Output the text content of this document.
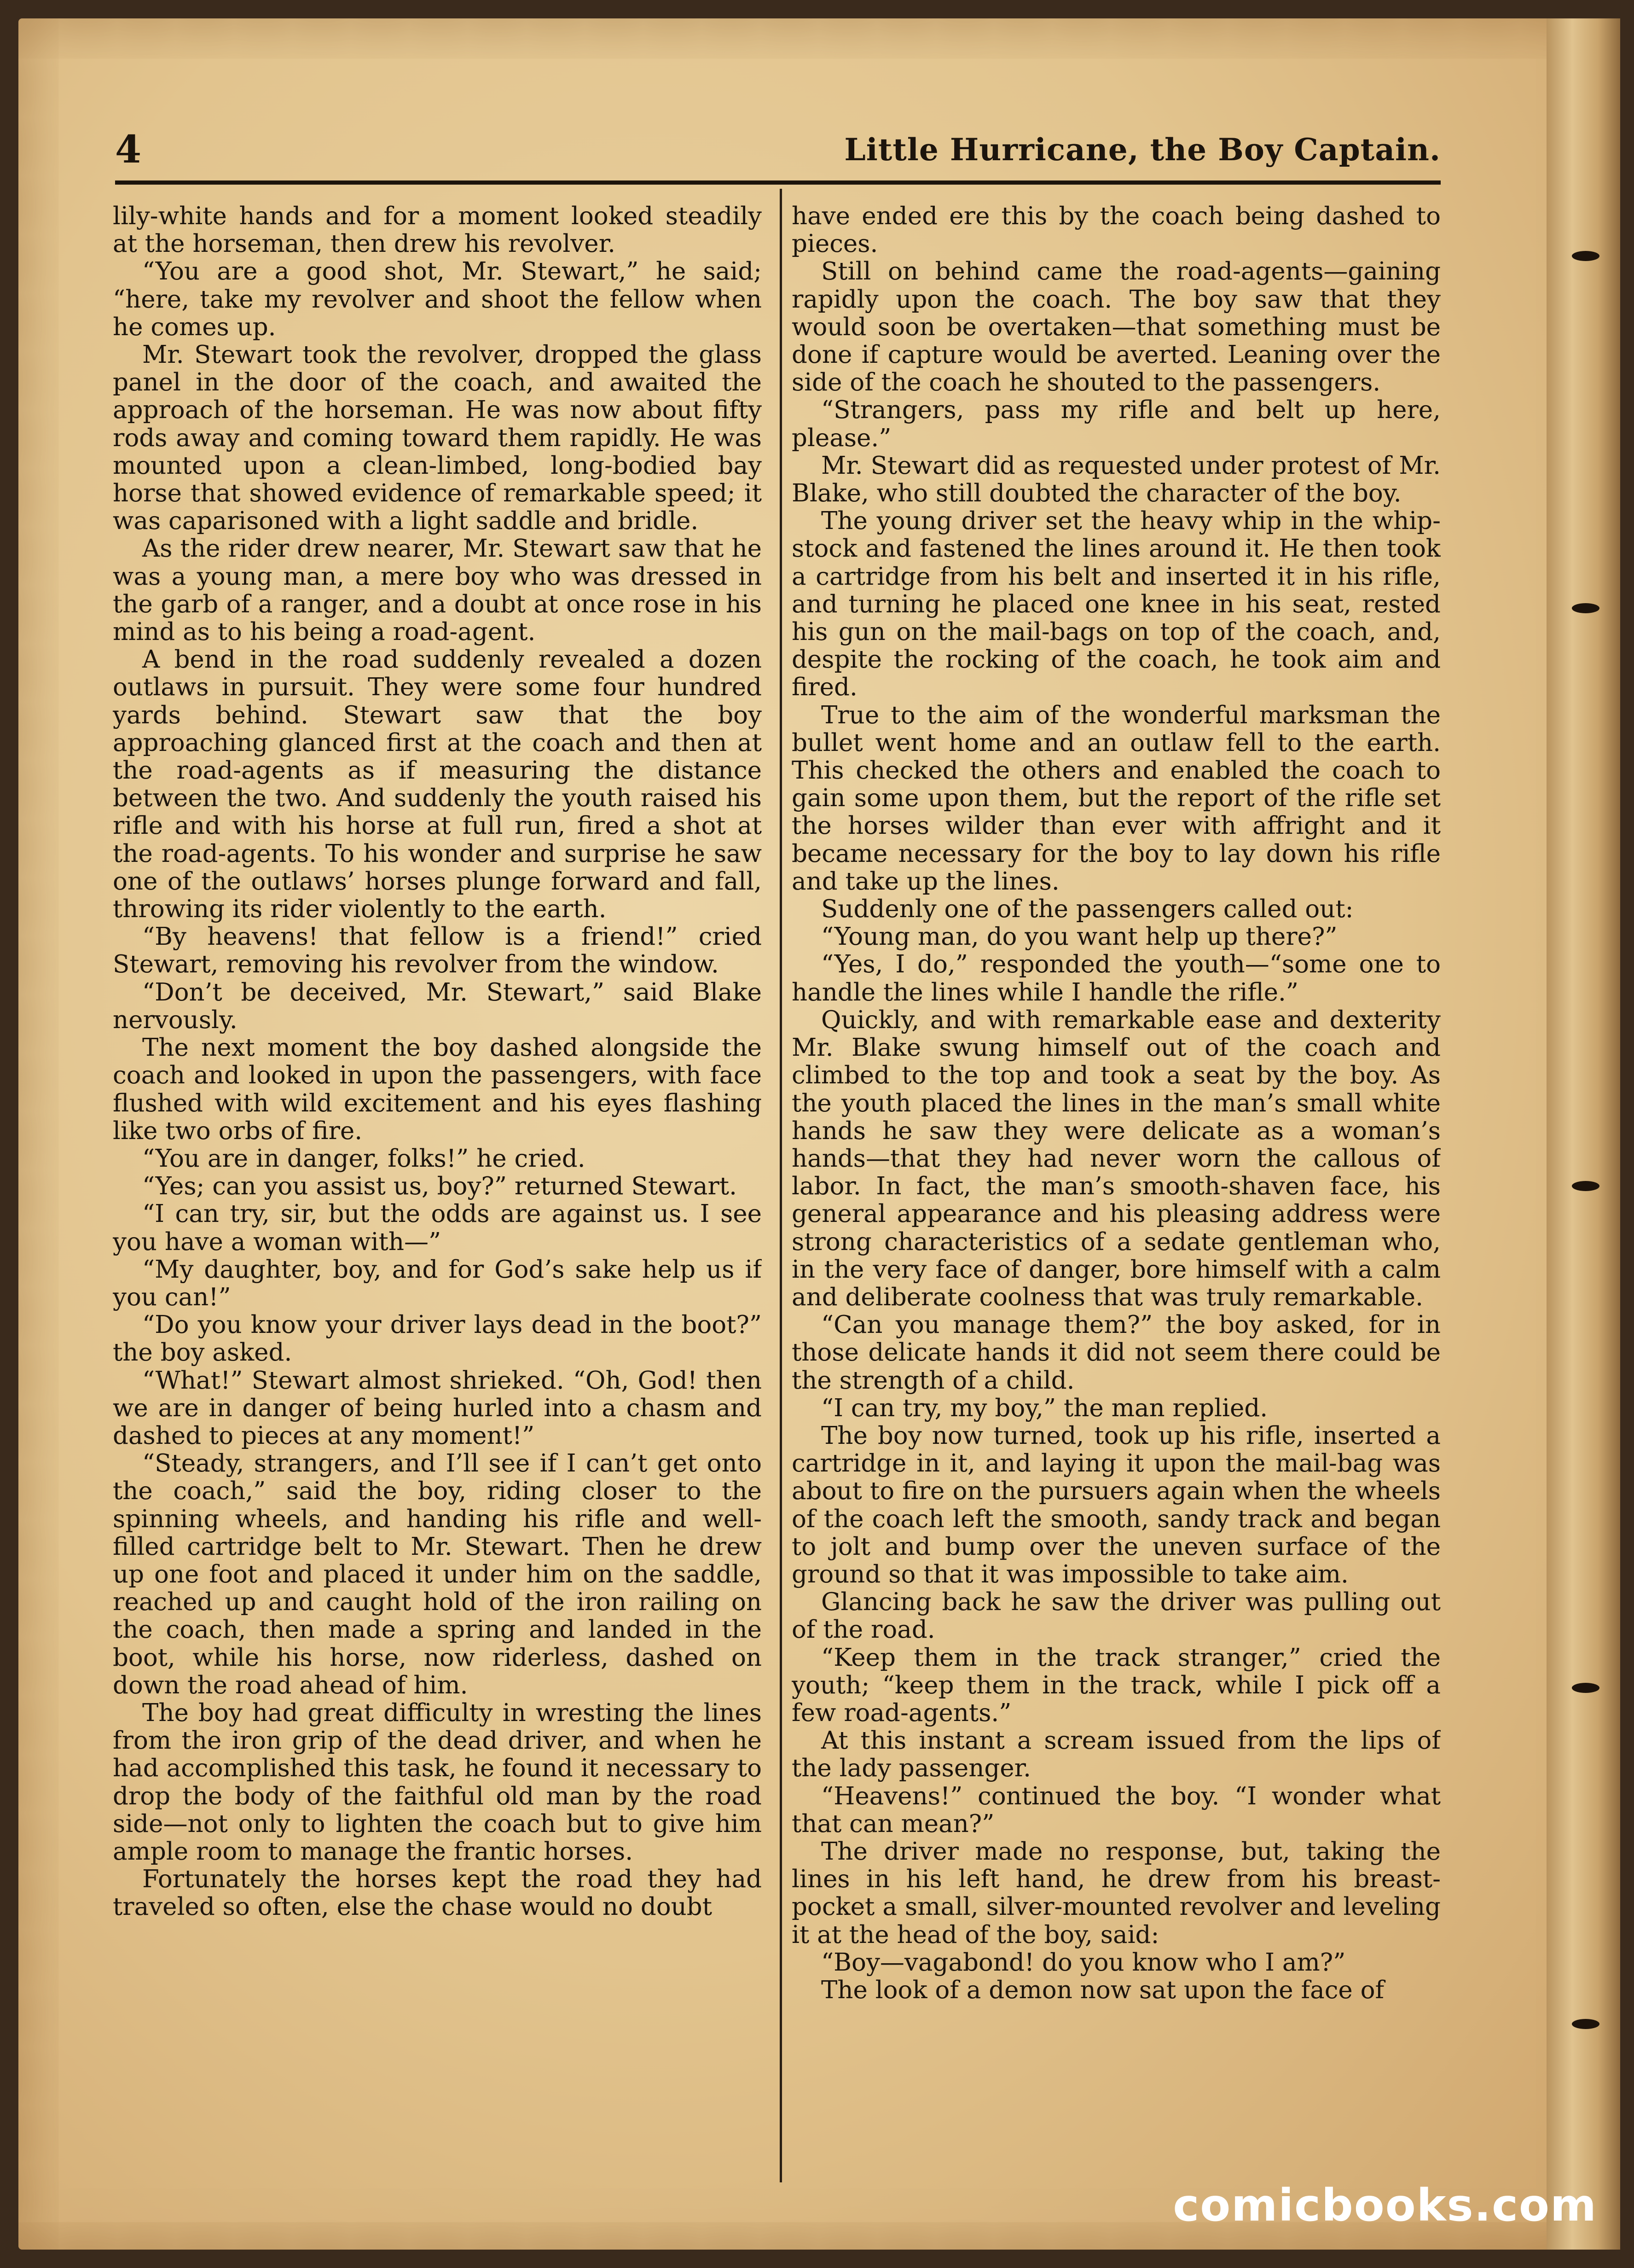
4	Little Hurricane, the Boy Captain.

lily-white hands and for a moment looked steadily at the horseman, then drew his revolver.

“You are a good shot, Mr. Stewart,” he said; “here, take my revolver and shoot the fellow when he comes up.

Mr. Stewart took the revolver, dropped the glass panel in the door of the coach, and awaited the approach of the horseman. He was now about fifty rods away and coming toward them rapidly. He was mounted upon a clean-limbed, long-bodied bay horse that showed evidence of remarkable speed; it was caparisoned with a light saddle and bridle.

As the rider drew nearer, Mr. Stewart saw that he was a young man, a mere boy who was dressed in the garb of a ranger, and a doubt at once rose in his mind as to his being a road-agent.

A bend in the road suddenly revealed a dozen outlaws in pursuit. They were some four hundred yards behind. Stewart saw that the boy approaching glanced first at the coach and then at the road-agents as if measuring the distance between the two. And suddenly the youth raised his rifle and with his horse at full run, fired a shot at the road-agents. To his wonder and surprise he saw one of the outlaws’ horses plunge forward and fall, throwing its rider violently to the earth.

“By heavens! that fellow is a friend!” cried Stewart, removing his revolver from the window.

“Don’t be deceived, Mr. Stewart,” said Blake nervously.

The next moment the boy dashed alongside the coach and looked in upon the passengers, with face flushed with wild excitement and his eyes flashing like two orbs of fire.

“You are in danger, folks!” he cried.

“Yes; can you assist us, boy?” returned Stewart.

“I can try, sir, but the odds are against us. I see you have a woman with—”

“My daughter, boy, and for God’s sake help us if you can!”

“Do you know your driver lays dead in the boot?” the boy asked.

“What!” Stewart almost shrieked. “Oh, God! then we are in danger of being hurled into a chasm and dashed to pieces at any moment!”

“Steady, strangers, and I’ll see if I can’t get onto the coach,” said the boy, riding closer to the spinning wheels, and handing his rifle and well-filled cartridge belt to Mr. Stewart. Then he drew up one foot and placed it under him on the saddle, reached up and caught hold of the iron railing on the coach, then made a spring and landed in the boot, while his horse, now riderless, dashed on down the road ahead of him.

The boy had great difficulty in wresting the lines from the iron grip of the dead driver, and when he had accomplished this task, he found it necessary to drop the body of the faithful old man by the road side—not only to lighten the coach but to give him ample room to manage the frantic horses.

Fortunately the horses kept the road they had traveled so often, else the chase would no doubt

have ended ere this by the coach being dashed to pieces.

Still on behind came the road-agents—gaining rapidly upon the coach. The boy saw that they would soon be overtaken—that something must be done if capture would be averted. Leaning over the side of the coach he shouted to the passengers.

“Strangers, pass my rifle and belt up here, please.”

Mr. Stewart did as requested under protest of Mr. Blake, who still doubted the character of the boy.

The young driver set the heavy whip in the whip-stock and fastened the lines around it. He then took a cartridge from his belt and inserted it in his rifle, and turning he placed one knee in his seat, rested his gun on the mail-bags on top of the coach, and, despite the rocking of the coach, he took aim and fired.

True to the aim of the wonderful marksman the bullet went home and an outlaw fell to the earth. This checked the others and enabled the coach to gain some upon them, but the report of the rifle set the horses wilder than ever with affright and it became necessary for the boy to lay down his rifle and take up the lines.

Suddenly one of the passengers called out:

“Young man, do you want help up there?”

“Yes, I do,” responded the youth—“some one to handle the lines while I handle the rifle.”

Quickly, and with remarkable ease and dexterity Mr. Blake swung himself out of the coach and climbed to the top and took a seat by the boy. As the youth placed the lines in the man’s small white hands he saw they were delicate as a woman’s hands—that they had never worn the callous of labor. In fact, the man’s smooth-shaven face, his general appearance and his pleasing address were strong characteristics of a sedate gentleman who, in the very face of danger, bore himself with a calm and deliberate coolness that was truly remarkable.

“Can you manage them?” the boy asked, for in those delicate hands it did not seem there could be the strength of a child.

“I can try, my boy,” the man replied.

The boy now turned, took up his rifle, inserted a cartridge in it, and laying it upon the mail-bag was about to fire on the pursuers again when the wheels of the coach left the smooth, sandy track and began to jolt and bump over the uneven surface of the ground so that it was impossible to take aim.

Glancing back he saw the driver was pulling out of the road.

“Keep them in the track stranger,” cried the youth; “keep them in the track, while I pick off a few road-agents.”

At this instant a scream issued from the lips of the lady passenger.

“Heavens!” continued the boy. “I wonder what that can mean?”

The driver made no response, but, taking the lines in his left hand, he drew from his breast-pocket a small, silver-mounted revolver and leveling it at the head of the boy, said:

“Boy—vagabond! do you know who I am?”

The look of a demon now sat upon the face of

comicbooks.com
